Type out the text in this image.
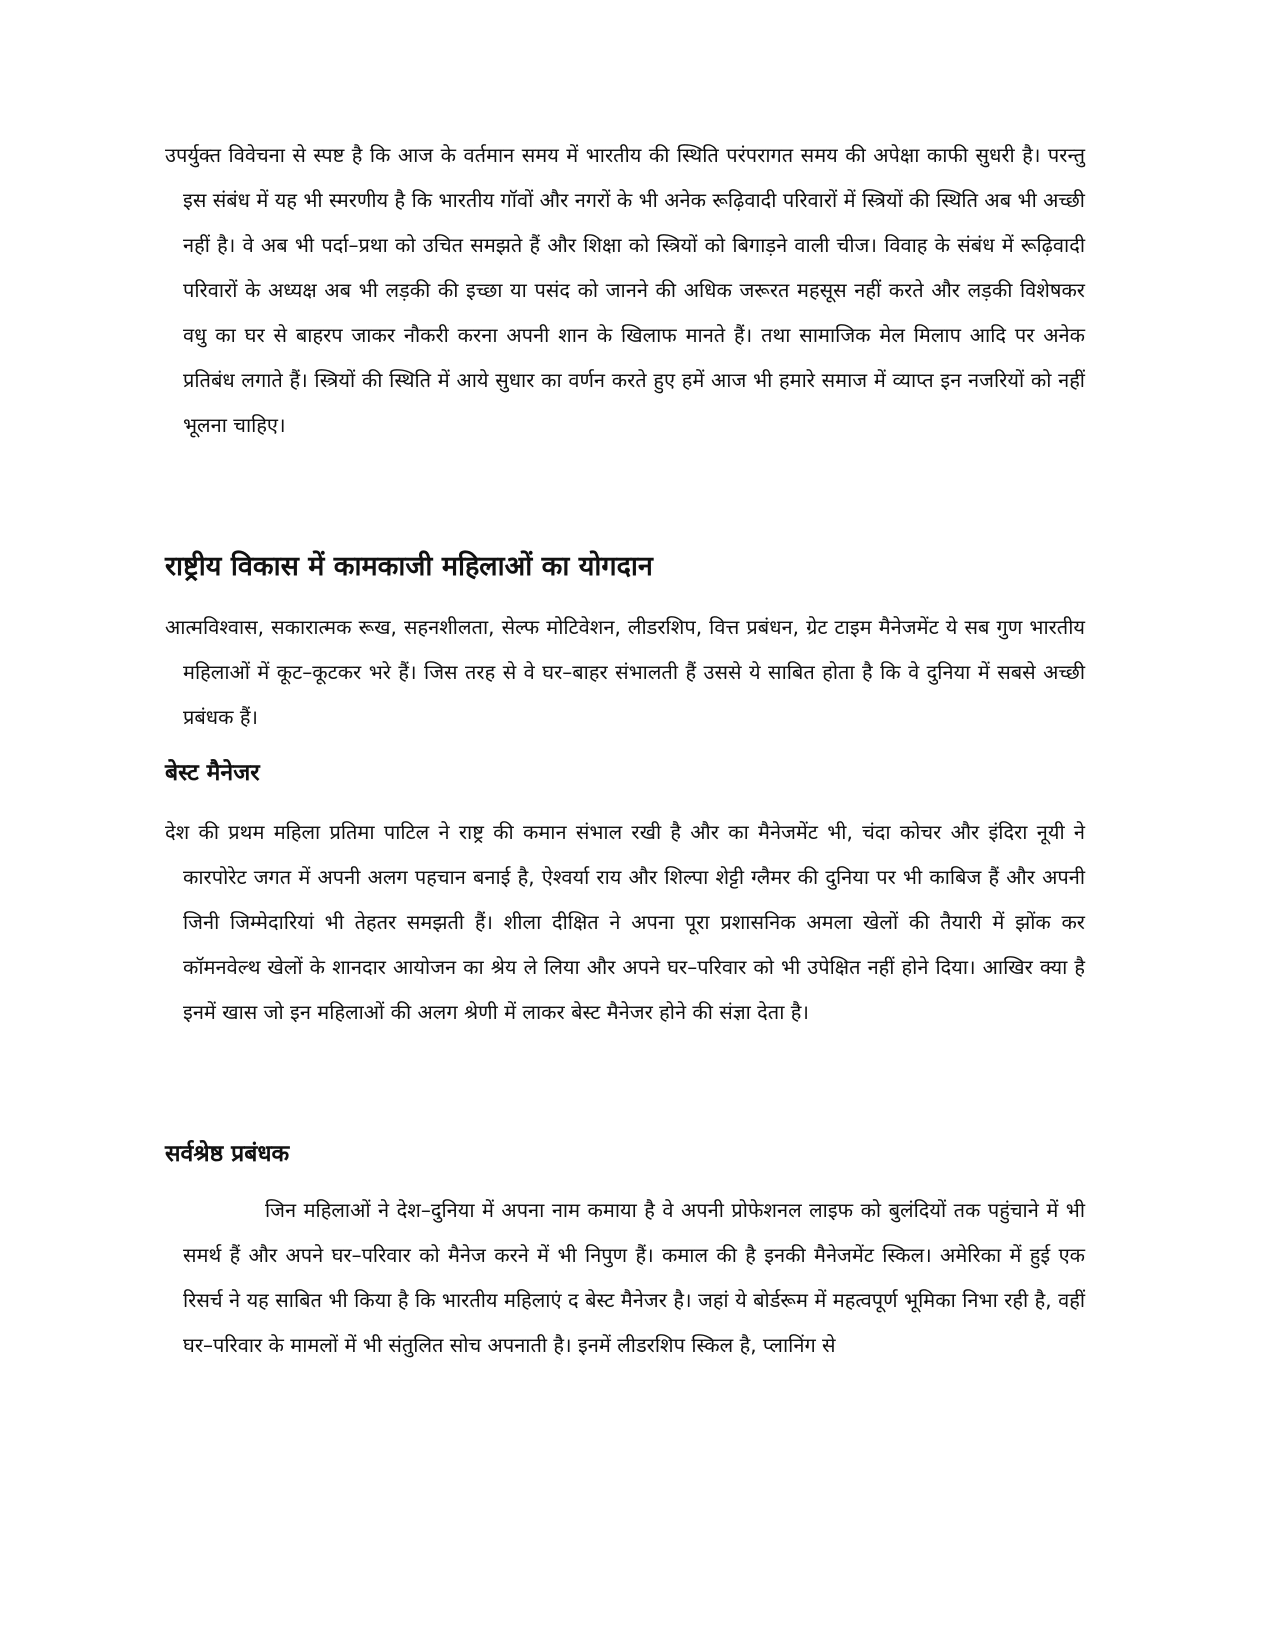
उपर्युक्त विवेचना से स्पष्ट है कि आज के वर्तमान समय में भारतीय की स्थिति परंपरागत समय की अपेक्षा काफी सुधरी है। परन्तु इस संबंध में यह भी स्मरणीय है कि भारतीय गॉवों और नगरों के भी अनेक रूढ़िवादी परिवारों में स्त्रियों की स्थिति अब भी अच्छी नहीं है। वे अब भी पर्दा–प्रथा को उचित समझते हैं और शिक्षा को स्त्रियों को बिगाड़ने वाली चीज। विवाह के संबंध में रूढ़िवादी परिवारों के अध्यक्ष अब भी लड़की की इच्छा या पसंद को जानने की अधिक जरूरत महसूस नहीं करते और लड़की विशेषकर वधु का घर से बाहरप जाकर नौकरी करना अपनी शान के खिलाफ मानते हैं। तथा सामाजिक मेल मिलाप आदि पर अनेक प्रतिबंध लगाते हैं। स्त्रियों की स्थिति में आये सुधार का वर्णन करते हुए हमें आज भी हमारे समाज में व्याप्त इन नजरियों को नहीं भूलना चाहिए।

राष्ट्रीय विकास में कामकाजी महिलाओं का योगदान

आत्मविश्वास, सकारात्मक रूख, सहनशीलता, सेल्फ मोटिवेशन, लीडरशिप, वित्त प्रबंधन, ग्रेट टाइम मैनेजमेंट ये सब गुण भारतीय महिलाओं में कूट–कूटकर भरे हैं। जिस तरह से वे घर–बाहर संभालती हैं उससे ये साबित होता है कि वे दुनिया में सबसे अच्छी प्रबंधक हैं।

बेस्ट मैनेजर

देश की प्रथम महिला प्रतिमा पाटिल ने राष्ट्र की कमान संभाल रखी है और का मैनेजमेंट भी, चंदा कोचर और इंदिरा नूयी ने कारपोरेट जगत में अपनी अलग पहचान बनाई है, ऐश्वर्या राय और शिल्पा शेट्टी ग्लैमर की दुनिया पर भी काबिज हैं और अपनी जिनी जिम्मेदारियां भी तेहतर समझती हैं। शीला दीक्षित ने अपना पूरा प्रशासनिक अमला खेलों की तैयारी में झोंक कर कॉमनवेल्थ खेलों के शानदार आयोजन का श्रेय ले लिया और अपने घर–परिवार को भी उपेक्षित नहीं होने दिया। आखिर क्या है इनमें खास जो इन महिलाओं की अलग श्रेणी में लाकर बेस्ट मैनेजर होने की संज्ञा देता है।

सर्वश्रेष्ठ प्रबंधक

जिन महिलाओं ने देश–दुनिया में अपना नाम कमाया है वे अपनी प्रोफेशनल लाइफ को बुलंदियों तक पहुंचाने में भी समर्थ हैं और अपने घर–परिवार को मैनेज करने में भी निपुण हैं। कमाल की है इनकी मैनेजमेंट स्किल। अमेरिका में हुई एक रिसर्च ने यह साबित भी किया है कि भारतीय महिलाएं द बेस्ट मैनेजर है। जहां ये बोर्डरूम में महत्वपूर्ण भूमिका निभा रही है, वहीं घर–परिवार के मामलों में भी संतुलित सोच अपनाती है। इनमें लीडरशिप स्किल है, प्लानिंग से
